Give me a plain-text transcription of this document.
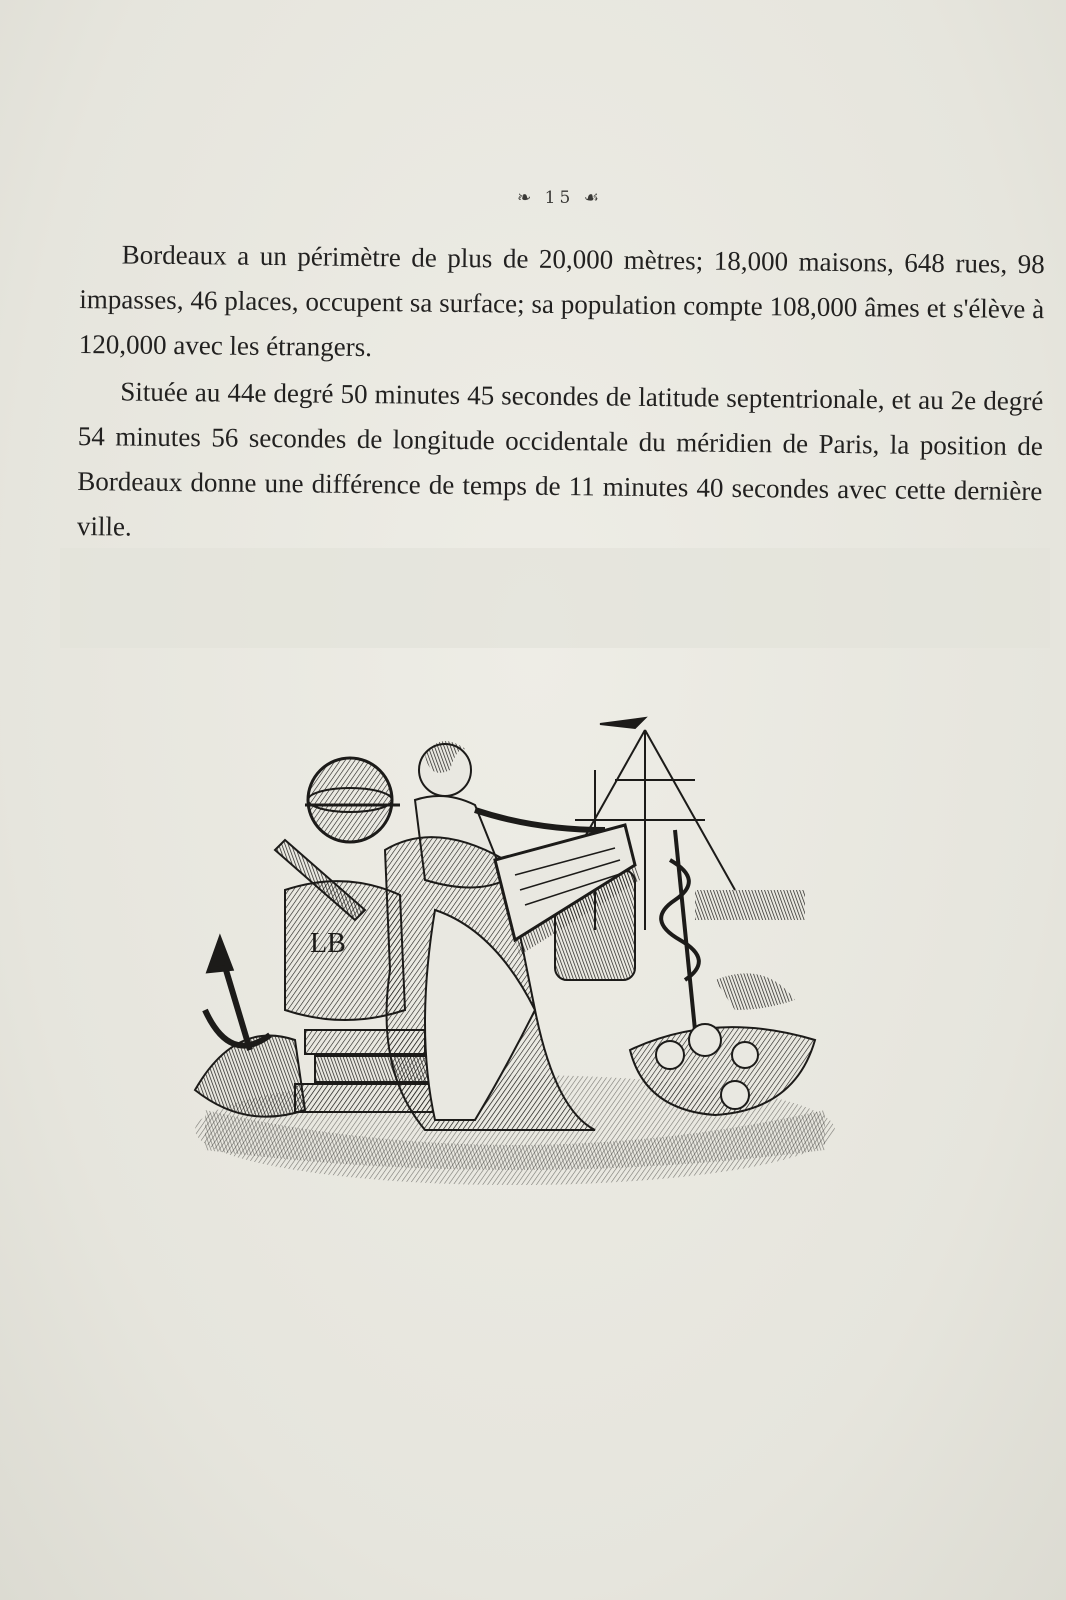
❧ 15 ☙

Bordeaux a un périmètre de plus de 20,000 mètres; 18,000 maisons, 648 rues, 98 impasses, 46 places, occupent sa surface; sa population compte 108,000 âmes et s'élève à 120,000 avec les étrangers.

Située au 44e degré 50 minutes 45 secondes de latitude septentrionale, et au 2e degré 54 minutes 56 secondes de longitude occidentale du méridien de Paris, la position de Bordeaux donne une différence de temps de 11 minutes 40 secondes avec cette dernière ville.

LB
